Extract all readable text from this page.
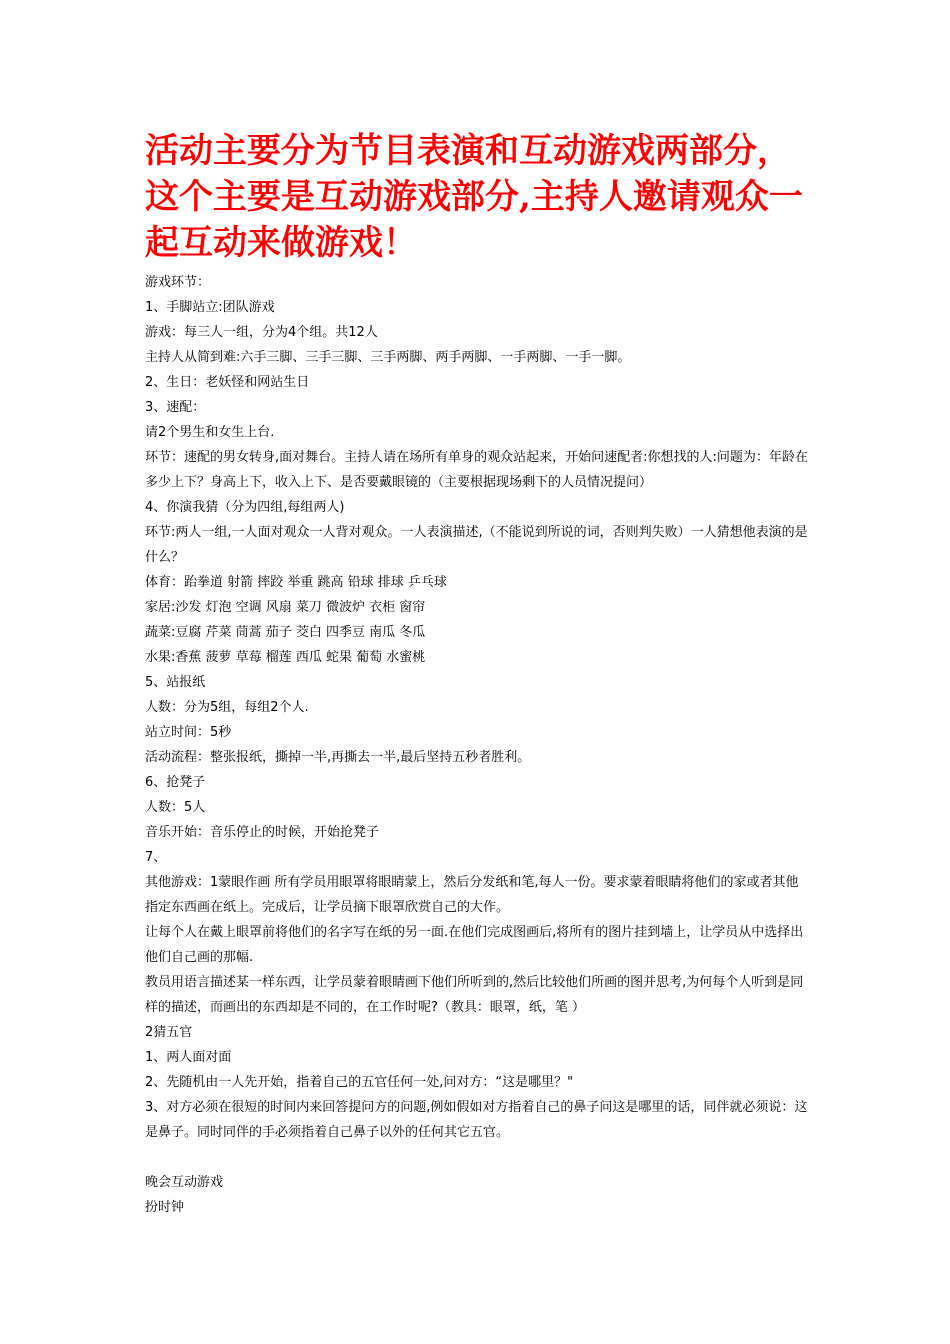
活动主要分为节目表演和互动游戏两部分，这个主要是互动游戏部分,主持人邀请观众一起互动来做游戏！

游戏环节：

1、手脚站立:团队游戏

游戏：每三人一组，分为4个组。共12人

主持人从简到难:六手三脚、三手三脚、三手两脚、两手两脚、一手两脚、一手一脚。

2、生日：老妖怪和网站生日

3、速配：

请2个男生和女生上台.

环节：速配的男女转身,面对舞台。主持人请在场所有单身的观众站起来，开始问速配者:你想找的人:问题为：年龄在多少上下？身高上下，收入上下、是否要戴眼镜的（主要根据现场剩下的人员情况提问）

4、你演我猜（分为四组,每组两人)

环节:两人一组,一人面对观众一人背对观众。一人表演描述,（不能说到所说的词，否则判失败）一人猜想他表演的是什么？

体育：跆拳道 射箭 摔跤 举重 跳高 铅球 排球 乒乓球

家居:沙发 灯泡 空调 风扇 菜刀 微波炉 衣柜 窗帘

蔬菜:豆腐 芹菜 茼蒿 茄子 茭白 四季豆 南瓜 冬瓜

水果:香蕉 菠萝 草莓 榴莲 西瓜 蛇果 葡萄 水蜜桃

5、站报纸

人数：分为5组，每组2个人.

站立时间：5秒

活动流程：整张报纸，撕掉一半,再撕去一半,最后坚持五秒者胜利。

6、抢凳子

人数：5人

音乐开始：音乐停止的时候，开始抢凳子

7、

其他游戏：1蒙眼作画 所有学员用眼罩将眼睛蒙上，然后分发纸和笔,每人一份。要求蒙着眼睛将他们的家或者其他指定东西画在纸上。完成后，让学员摘下眼罩欣赏自己的大作。

让每个人在戴上眼罩前将他们的名字写在纸的另一面.在他们完成图画后,将所有的图片挂到墙上，让学员从中选择出他们自己画的那幅.

教员用语言描述某一样东西，让学员蒙着眼睛画下他们所听到的,然后比较他们所画的图并思考,为何每个人听到是同样的描述，而画出的东西却是不同的，在工作时呢?（教具：眼罩，纸，笔 ）

2猜五官

1、两人面对面

2、先随机由一人先开始，指着自己的五官任何一处,问对方：“这是哪里？"

3、对方必须在很短的时间内来回答提问方的问题,例如假如对方指着自己的鼻子问这是哪里的话，同伴就必须说：这是鼻子。同时同伴的手必须指着自己鼻子以外的任何其它五官。

晚会互动游戏

扮时钟
